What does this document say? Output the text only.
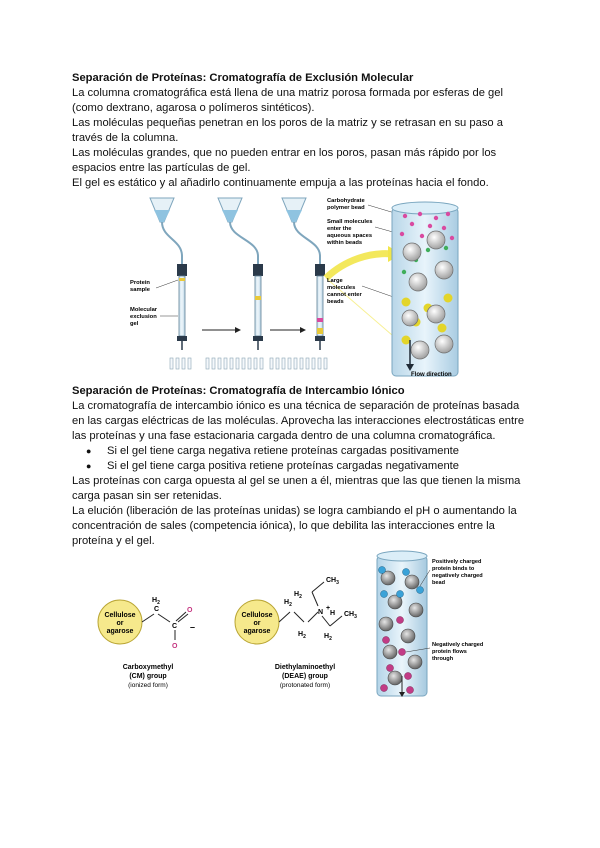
Separación de Proteínas: Cromatografía de Exclusión Molecular
La columna cromatográfica está llena de una matriz porosa formada por esferas de gel
(como dextrano, agarosa o polímeros sintéticos).
Las moléculas pequeñas penetran en los poros de la matriz y se retrasan en su paso a
través de la columna.
Las moléculas grandes, que no pueden entrar en los poros, pasan más rápido por los
espacios entre las partículas de gel.
El gel es estático y al añadirlo continuamente empuja a las proteínas hacia el fondo.
Protein
sample
Molecular
exclusion
gel
Carbohydrate
polymer bead
Small molecules
enter the
aqueous spaces
within beads
Large
molecules
cannot enter
beads
Flow direction
Separación de Proteínas: Cromatografía de Intercambio Iónico
La cromatografía de intercambio iónico es una técnica de separación de proteínas basada
en las cargas eléctricas de las moléculas. Aprovecha las interacciones electrostáticas entre
las proteínas y una fase estacionaria cargada dentro de una columna cromatográfica.
● Si el gel tiene carga negativa retiene proteínas cargadas positivamente
● Si el gel tiene carga positiva retiene proteínas cargadas negativamente
Las proteínas con carga opuesta al gel se unen a él, mientras que las que tienen la misma
carga pasan sin ser retenidas.
La elución (liberación de las proteínas unidas) se logra cambiando el pH o aumentando la
concentración de sales (competencia iónica), lo que debilita las interacciones entre la
proteína y el gel.
Cellulose
or
agarose
$H_2$
C
C
O
O
–
Carboxymethyl
(CM) group
(ionized form)
Cellulose
or
agarose
$H_2$
$H_2$
$H_2$
N
+
H
$CH_3$
$CH_3$
$H_2$
Diethylaminoethyl
(DEAE) group
(protonated form)
Positively charged
protein binds to
negatively charged
bead
Negatively charged
protein flows
through
